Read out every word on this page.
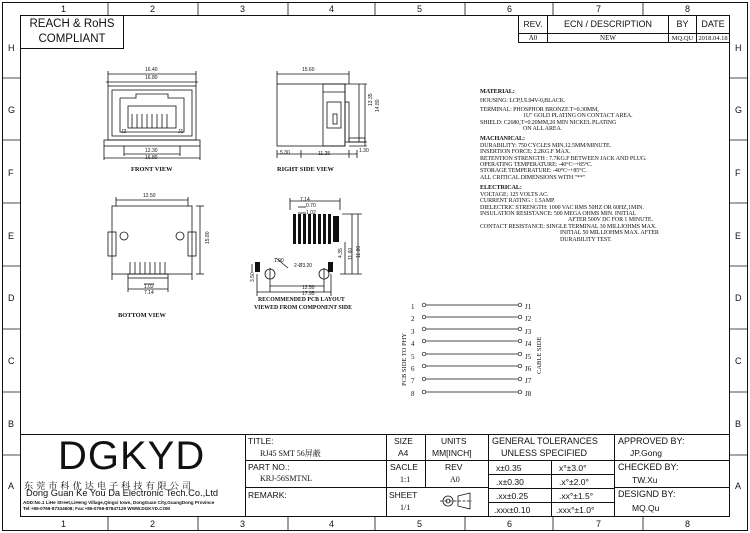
1	2	3	4	5	6	7	8
1	2	3	4	5	6	7	8
H
G
F
E
D
C
B
A
H
G
F
E
D
C
B
A
REACH & RoHS
COMPLIANT
REV.	ECN / DESCRIPTION	BY	DATE
A0	NEW	MQ.QU 2018.04.18
16.40
16.80
12.30
16.80
J2	J1
FRONT VIEW
15.60
13.35 14.80
5.30	11.25	1.30
RIGHT SIDE VIEW
12.50
15.80
1.02
7.14
BOTTOM VIEW
7.14
0.70
1.02
4.35 11.60 11.80
3.50
1.90
2-Ø3.20
12.50
17.95
RECOMMENDED PCB LAYOUT
VIEWED FROM COMPONENT SIDE
MATERIAL:
HOUSING: LCP,UL94V-0,BLACK.
TERMINAL: PHOSPHOR BRONZE T=0.30MM,
1U" GOLD PLATING ON CONTACT AREA.
SHIELD: C2680,T=0.20MM,20 MIN NICKEL PLATING
ON ALL AREA.
MACHANICAL:
DURABILITY: 750 CYCLES MIN,12.5MM/MINUTE.
INSERTION FORCE: 2.2KG.F MAX.
RETENTION STRENGTH : 7.7KG.F BETWEEN JACK AND PLUG.
OPERATING TEMPERATURE: -40°C~+85°C.
STORAGE TEMPERATURE: -40°C~+85°C.
ALL CRITICAL DIMENSIONS WITH "**"
ELECTRICAL:
VOLTAGE: 125 VOLTS AC.
CURRENT RATING : 1.5AMP.
DIELECTRIC STRENGTH: 1000 VAC RMS 50HZ OR 60HZ,1MIN.
INSULATION RESISTANCE: 500 MEGA OHMS MIN. INITIAL
AFTER 500V DC FOR 1 MINUTE.
CONTACT RESISTANCE: SINGLE TERMINAL 30 MILLIOHMS MAX.
INITIAL 50 MILLIOHMS MAX. AFTER
DURABILITY TEST.
1
2
3
4
5
6
7
8
J1
J2
J3
J4
J5
J6
J7
J8
PCB SIDE TO PHY	CABLE SIDE
DGKYD
东 莞 市 科 优 达 电 子 科 技 有 限 公 司
Dong Guan Ke You Da Electronic Tech.Co.,Ltd
ADD:No.1 LiHe Street,LiHeng Village,Qingxi town, DongGuan City,GuangDong Province
Tel:+86-0769-87334608; Fax:+86-0769-87847129 WWW.DGKYD.COM
TITLE:
RJ45 SMT 56屏蔽
PART NO.:
KRJ-56SMTNL
REMARK:
SIZE
A4
UNITS
MM[INCH]
SACLE
1:1
REV
A0
SHEET
1/1
GENERAL TOLERANCES
UNLESS SPECIFIED
x±0.35	x°±3.0°
.x±0.30	.x°±2.0°
.xx±0.25	.xx°±1.5°
.xxx±0.10	.xxx°±1.0°
APPROVED BY:
JP.Gong
CHECKED BY:
TW.Xu
DESIGND BY:
MQ.Qu
